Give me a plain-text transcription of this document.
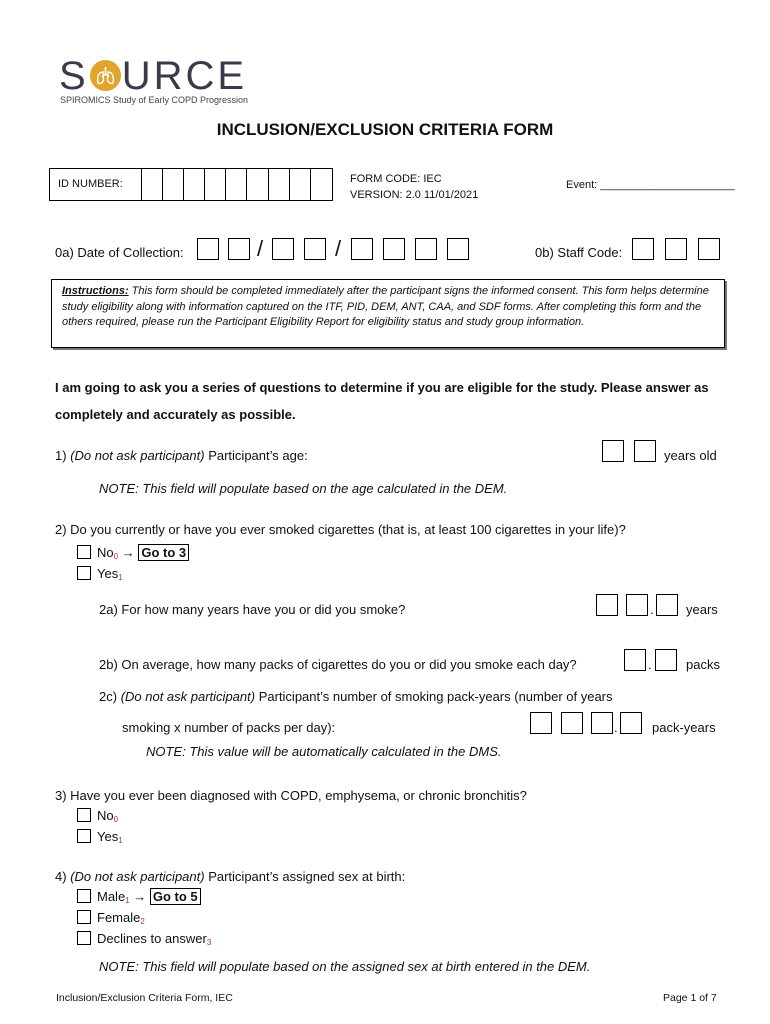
S URCE
SPIROMICS Study of Early COPD Progression
INCLUSION/EXCLUSION CRITERIA FORM
ID NUMBER:	FORM CODE: IEC
VERSION: 2.0 11/01/2021
Event: ______________________
0a) Date of Collection:	/	/	0b) Staff Code:
Instructions: This form should be completed immediately after the participant signs the informed consent. This form helps determine study eligibility along with information captured on the ITF, PID, DEM, ANT, CAA, and SDF forms. After completing this form and the others required, please run the Participant Eligibility Report for eligibility status and study group information.
I am going to ask you a series of questions to determine if you are eligible for the study. Please answer as completely and accurately as possible.
1) (Do not ask participant) Participant’s age:	years old
NOTE: This field will populate based on the age calculated in the DEM.
2) Do you currently or have you ever smoked cigarettes (that is, at least 100 cigarettes in your life)?
No0 → Go to 3
Yes1
2a) For how many years have you or did you smoke?	. years
2b) On average, how many packs of cigarettes do you or did you smoke each day?	.	packs
2c) (Do not ask participant) Participant’s number of smoking pack-years (number of years
smoking x number of packs per day):	.	pack-years
NOTE: This value will be automatically calculated in the DMS.
3) Have you ever been diagnosed with COPD, emphysema, or chronic bronchitis?
No0
Yes1
4) (Do not ask participant) Participant’s assigned sex at birth:
Male1 → Go to 5
Female2
Declines to answer3
NOTE: This field will populate based on the assigned sex at birth entered in the DEM.
Inclusion/Exclusion Criteria Form, IEC	Page 1 of 7
